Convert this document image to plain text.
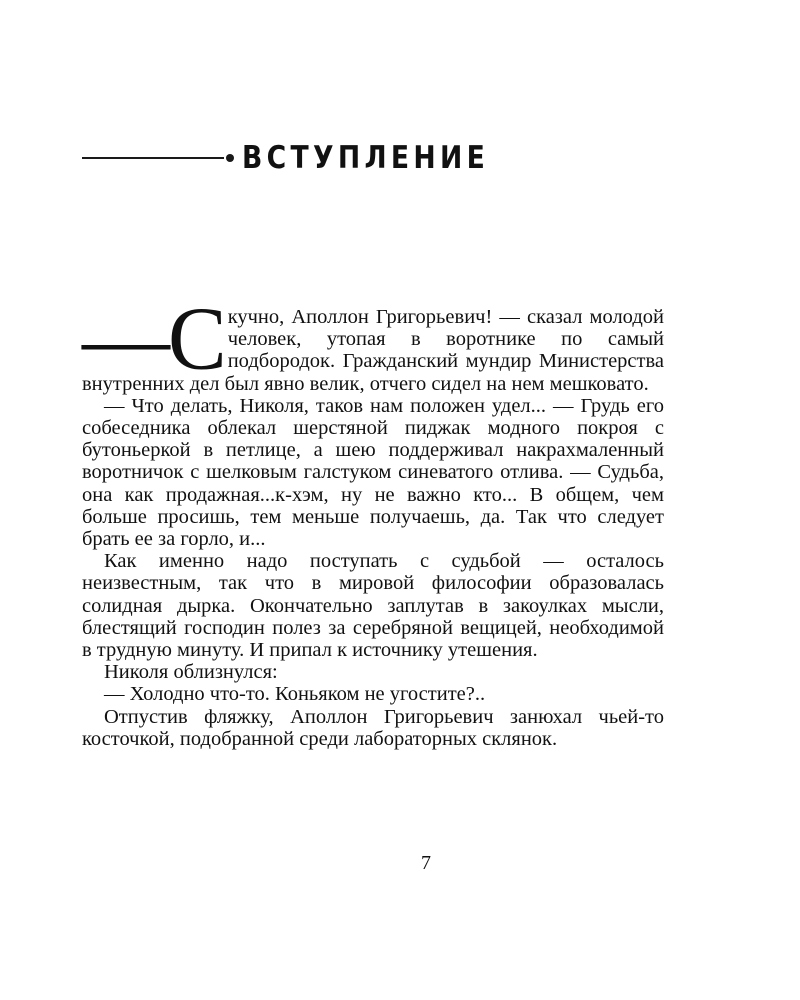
ВСТУПЛЕНИЕ

—С кучно, Аполлон Григорьевич! — сказал молодой человек, утопая в воротнике по самый подбородок. Гражданский мундир Министерства внутренних дел был явно велик, отчего сидел на нем мешковато.

— Что делать, Николя, таков нам положен удел... — Грудь его собеседника облекал шерстяной пиджак модного покроя с бутоньеркой в петлице, а шею поддерживал накрахмаленный воротничок с шелковым галстуком синеватого отлива. — Судьба, она как продажная...к-хэм, ну не важно кто... В общем, чем больше просишь, тем меньше получаешь, да. Так что следует брать ее за горло, и...

Как именно надо поступать с судьбой — осталось неизвестным, так что в мировой философии образовалась солидная дырка. Окончательно заплутав в закоулках мысли, блестящий господин полез за серебряной вещицей, необходимой в трудную минуту. И припал к источнику утешения.

Николя облизнулся:

— Холодно что-то. Коньяком не угостите?..

Отпустив фляжку, Аполлон Григорьевич занюхал чьей-то косточкой, подобранной среди лабораторных склянок.

7
